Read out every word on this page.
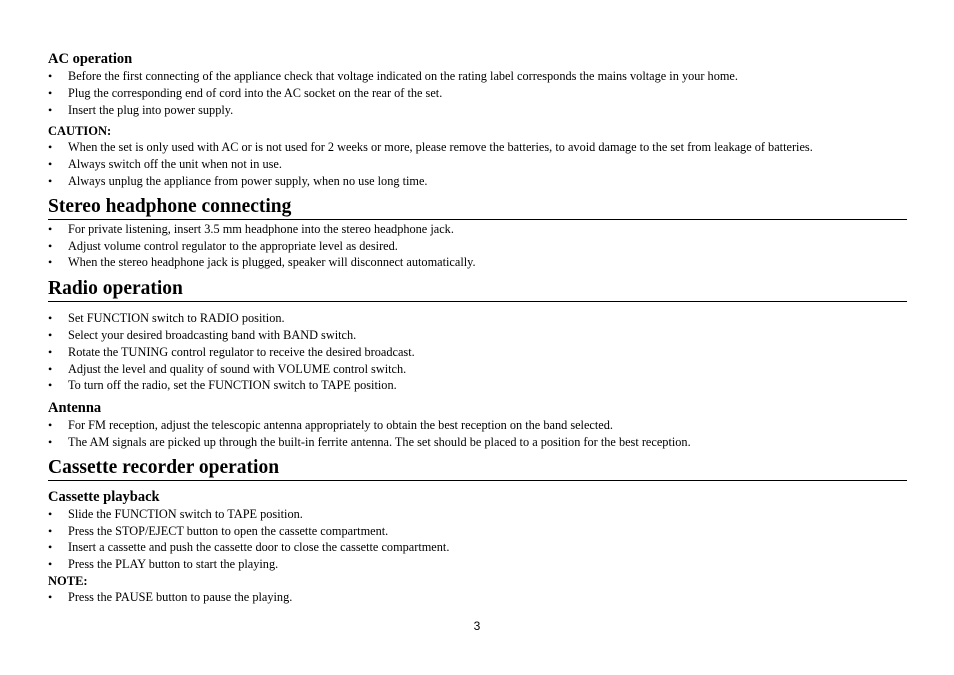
AC operation

• Before the first connecting of the appliance check that voltage indicated on the rating label corresponds the mains voltage in your home.
• Plug the corresponding end of cord into the AC socket on the rear of the set.
• Insert the plug into power supply.

CAUTION:

• When the set is only used with AC or is not used for 2 weeks or more, please remove the batteries, to avoid damage to the set from leakage of batteries.
• Always switch off the unit when not in use.
• Always unplug the appliance from power supply, when no use long time.
Stereo headphone connecting
• For private listening, insert 3.5 mm headphone into the stereo headphone jack.
• Adjust volume control regulator to the appropriate level as desired.
• When the stereo headphone jack is plugged, speaker will disconnect automatically.
Radio operation
• Set FUNCTION switch to RADIO position.
• Select your desired broadcasting band with BAND switch.
• Rotate the TUNING control regulator to receive the desired broadcast.
• Adjust the level and quality of sound with VOLUME control switch.
• To turn off the radio, set the FUNCTION switch to TAPE position.

Antenna

• For FM reception, adjust the telescopic antenna appropriately to obtain the best reception on the band selected.
• The AM signals are picked up through the built-in ferrite antenna. The set should be placed to a position for the best reception.
Cassette recorder operation

Cassette playback

• Slide the FUNCTION switch to TAPE position.
• Press the STOP/EJECT button to open the cassette compartment.
• Insert a cassette and push the cassette door to close the cassette compartment.
• Press the PLAY button to start the playing.

NOTE:

• Press the PAUSE button to pause the playing.
3
